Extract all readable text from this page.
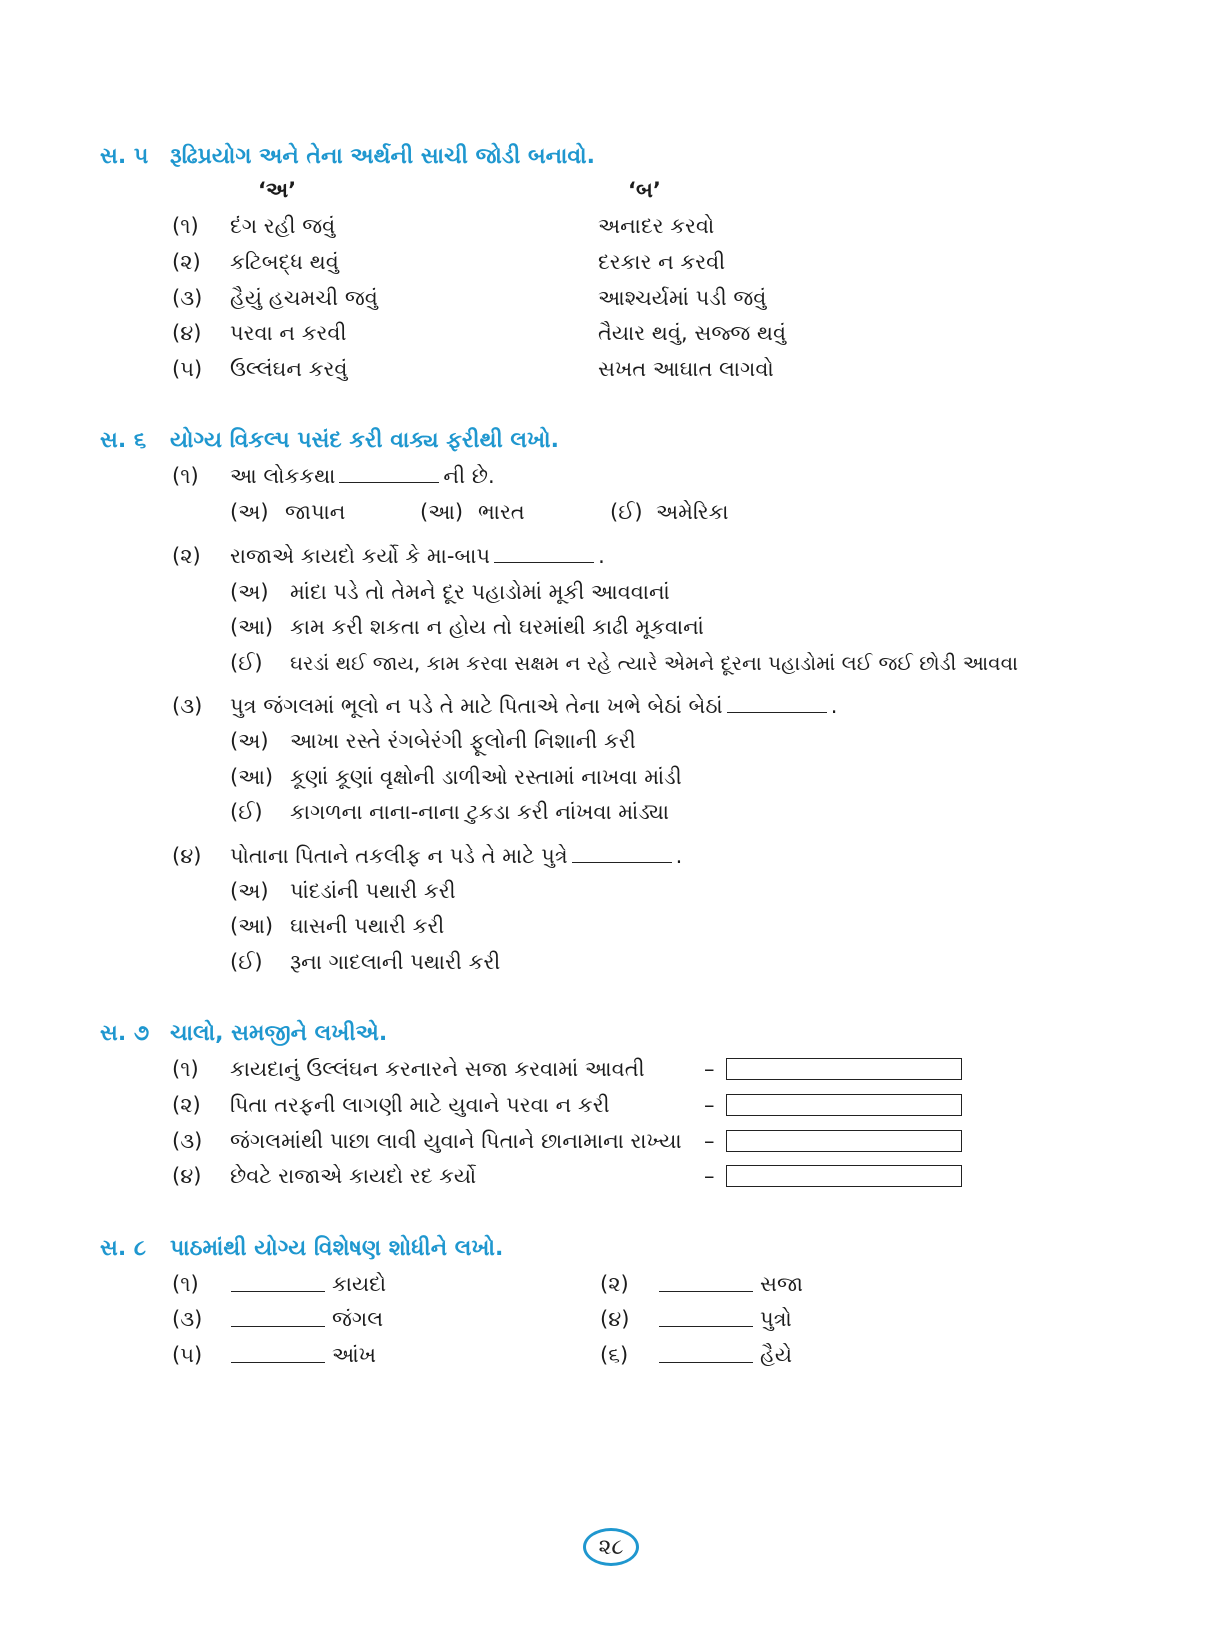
સ. ૫ રૂઢિપ્રયોગ અને તેના અર્થની સાચી જોડી બનાવો.
‘અ’	‘બ’
(૧) દંગ રહી જવું	અનાદર કરવો
(૨) કટિબદ્ધ થવું	દરકાર ન કરવી
(૩) હૈયું હચમચી જવું	આશ્ચર્યમાં પડી જવું
(૪) પરવા ન કરવી	તૈયાર થવું, સજ્જ થવું
(૫) ઉલ્લંઘન કરવું	સખત આઘાત લાગવો
સ. ૬ યોગ્ય વિકલ્પ પસંદ કરી વાક્ય ફરીથી લખો.
(૧) આ લોકકથા	ની છે.
(અ) જાપાન	(આ) ભારત	(ઈ) અમેરિકા
(૨) રાજાએ કાયદો કર્યો કે મા-બાપ	.
(અ) માંદા પડે તો તેમને દૂર પહાડોમાં મૂકી આવવાનાં
(આ) કામ કરી શકતા ન હોય તો ઘરમાંથી કાઢી મૂકવાનાં
(ઈ) ઘરડાં થઈ જાય, કામ કરવા સક્ષમ ન રહે ત્યારે એમને દૂરના પહાડોમાં લઈ જઈ છોડી આવવા
(૩) પુત્ર જંગલમાં ભૂલો ન પડે તે માટે પિતાએ તેના ખભે બેઠાં બેઠાં	.
(અ) આખા રસ્તે રંગબેરંગી ફૂલોની નિશાની કરી
(આ) કૂણાં કૂણાં વૃક્ષોની ડાળીઓ રસ્તામાં નાખવા માંડી
(ઈ) કાગળના નાના-નાના ટુકડા કરી નાંખવા માંડ્યા
(૪) પોતાના પિતાને તકલીફ ન પડે તે માટે પુત્રે	.
(અ) પાંદડાંની પથારી કરી
(આ) ઘાસની પથારી કરી
(ઈ) રૂના ગાદલાની પથારી કરી
સ. ૭ ચાલો, સમજીને લખીએ.
(૧) કાયદાનું ઉલ્લંઘન કરનારને સજા કરવામાં આવતી	–
(૨) પિતા તરફની લાગણી માટે યુવાને પરવા ન કરી	–
(૩) જંગલમાંથી પાછા લાવી યુવાને પિતાને છાનામાના રાખ્યા –
(૪) છેવટે રાજાએ કાયદો રદ કર્યો	–
સ. ૮ પાઠમાંથી યોગ્ય વિશેષણ શોધીને લખો.
(૧)	કાયદો	(૨)	સજા
(૩)	જંગલ	(૪)	પુત્રો
(૫)	આંખ	(૬)	હૈયે
૨૮
